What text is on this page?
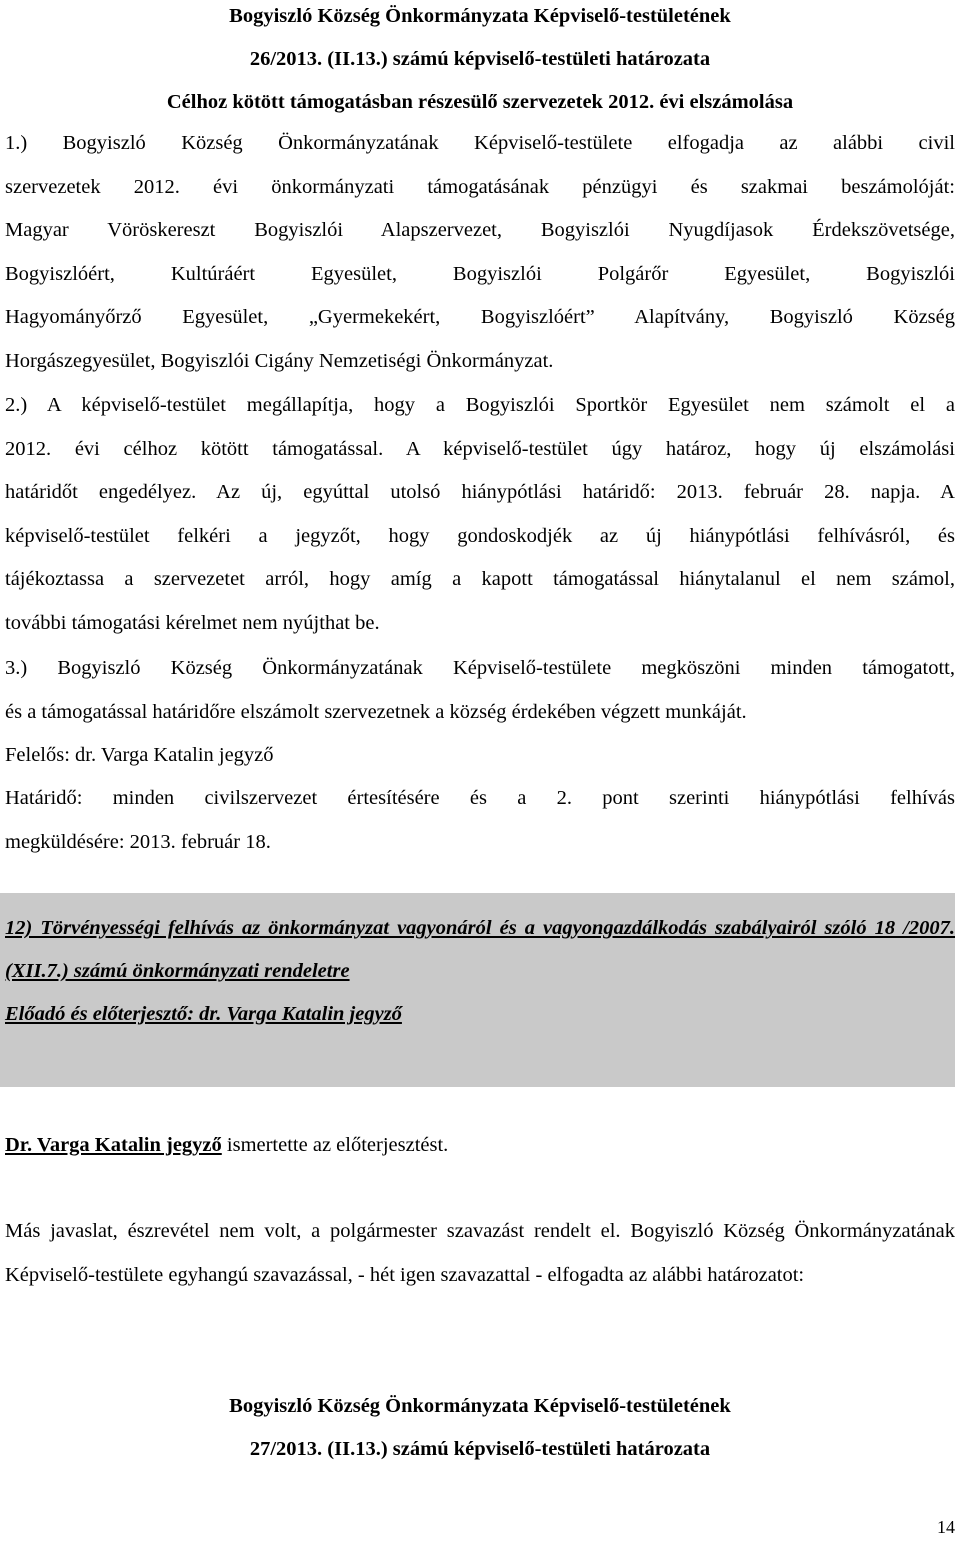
Bogyiszló Község Önkormányzata Képviselő-testületének

26/2013. (II.13.) számú képviselő-testületi határozata

Célhoz kötött támogatásban részesülő szervezetek 2012. évi elszámolása

1.) Bogyiszló Község Önkormányzatának Képviselő-testülete elfogadja az alábbi civil
szervezetek 2012. évi önkormányzati támogatásának pénzügyi és szakmai beszámolóját:
Magyar Vöröskereszt Bogyiszlói Alapszervezet, Bogyiszlói Nyugdíjasok Érdekszövetsége,
Bogyiszlóért, Kultúráért Egyesület, Bogyiszlói Polgárőr Egyesület, Bogyiszlói
Hagyományőrző Egyesület, „Gyermekekért, Bogyiszlóért” Alapítvány, Bogyiszló Község
Horgászegyesület, Bogyiszlói Cigány Nemzetiségi Önkormányzat.
2.) A képviselő-testület megállapítja, hogy a Bogyiszlói Sportkör Egyesület nem számolt el a
2012. évi célhoz kötött támogatással. A képviselő-testület úgy határoz, hogy új elszámolási
határidőt engedélyez. Az új, egyúttal utolsó hiánypótlási határidő: 2013. február 28. napja. A
képviselő-testület felkéri a jegyzőt, hogy gondoskodjék az új hiánypótlási felhívásról, és
tájékoztassa a szervezetet arról, hogy amíg a kapott támogatással hiánytalanul el nem számol,
további támogatási kérelmet nem nyújthat be.
3.) Bogyiszló Község Önkormányzatának Képviselő-testülete megköszöni minden támogatott,
és a támogatással határidőre elszámolt szervezetnek a község érdekében végzett munkáját.

Felelős: dr. Varga Katalin jegyző

Határidő: minden civilszervezet értesítésére és a 2. pont szerinti hiánypótlási felhívás
megküldésére: 2013. február 18.

12) Törvényességi felhívás az önkormányzat vagyonáról és a vagyongazdálkodás szabályairól szóló 18 /2007. (XII.7.) számú önkormányzati rendeletre

Előadó és előterjesztő: dr. Varga Katalin jegyző

Dr. Varga Katalin jegyző ismertette az előterjesztést.

Más javaslat, észrevétel nem volt, a polgármester szavazást rendelt el. Bogyiszló Község Önkormányzatának Képviselő-testülete egyhangú szavazással, - hét igen szavazattal - elfogadta az alábbi határozatot:

Bogyiszló Község Önkormányzata Képviselő-testületének

27/2013. (II.13.) számú képviselő-testületi határozata

14
